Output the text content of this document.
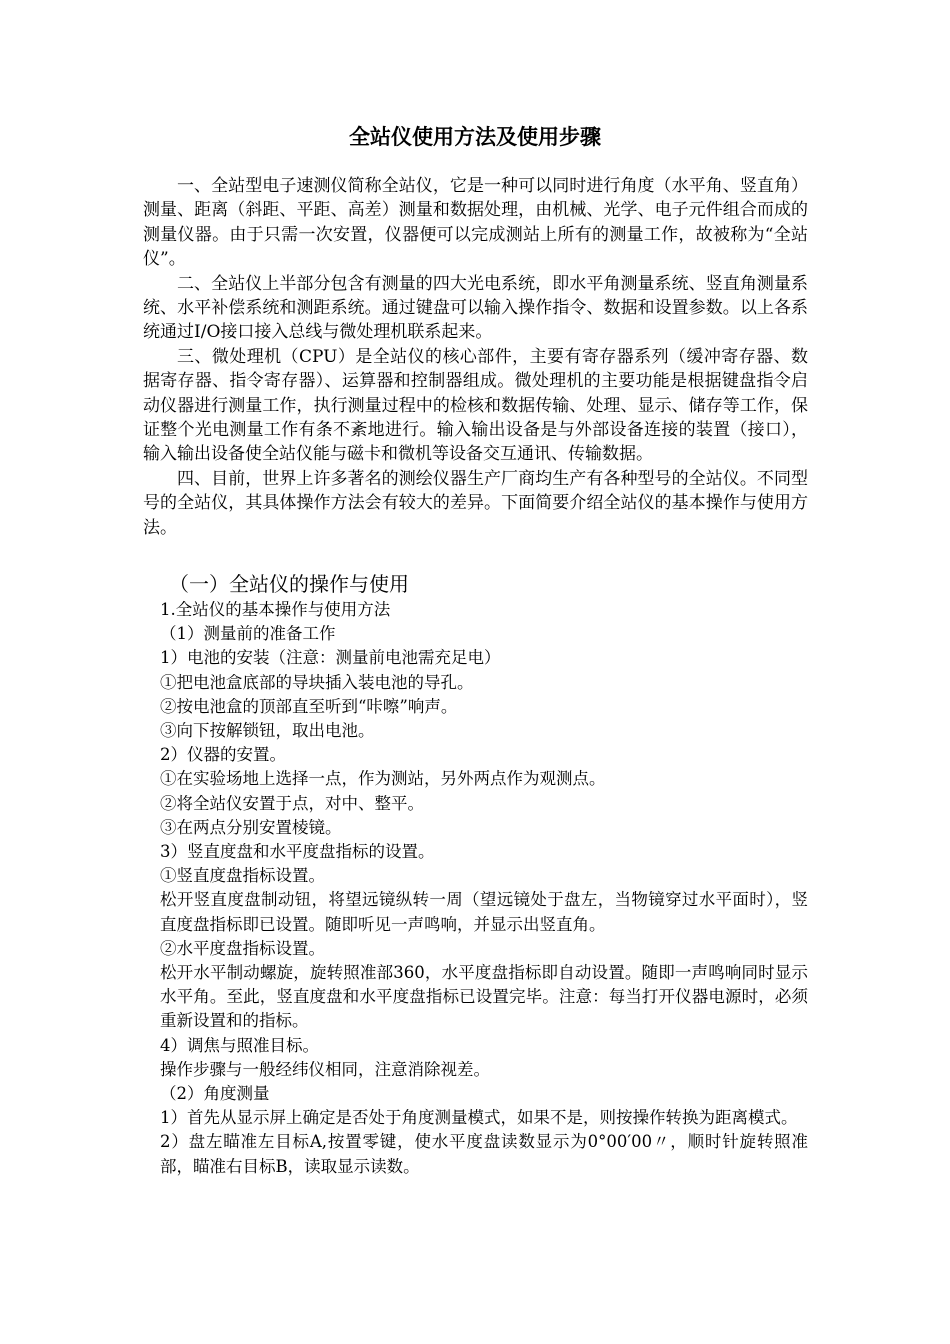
全站仪使用方法及使用步骤

一、全站型电子速测仪简称全站仪，它是一种可以同时进行角度（水平角、竖直角）测量、距离（斜距、平距、高差）测量和数据处理，由机械、光学、电子元件组合而成的测量仪器。由于只需一次安置，仪器便可以完成测站上所有的测量工作，故被称为“全站仪”。

二、全站仪上半部分包含有测量的四大光电系统，即水平角测量系统、竖直角测量系统、水平补偿系统和测距系统。通过键盘可以输入操作指令、数据和设置参数。以上各系统通过I/O接口接入总线与微处理机联系起来。

三、微处理机（CPU）是全站仪的核心部件，主要有寄存器系列（缓冲寄存器、数据寄存器、指令寄存器）、运算器和控制器组成。微处理机的主要功能是根据键盘指令启动仪器进行测量工作，执行测量过程中的检核和数据传输、处理、显示、储存等工作，保证整个光电测量工作有条不紊地进行。输入输出设备是与外部设备连接的装置（接口），输入输出设备使全站仪能与磁卡和微机等设备交互通讯、传输数据。

四、目前，世界上许多著名的测绘仪器生产厂商均生产有各种型号的全站仪。不同型号的全站仪，其具体操作方法会有较大的差异。下面简要介绍全站仪的基本操作与使用方法。

（一）全站仪的操作与使用

1.全站仪的基本操作与使用方法

（1）测量前的准备工作

1）电池的安装（注意：测量前电池需充足电）

①把电池盒底部的导块插入装电池的导孔。

②按电池盒的顶部直至听到“咔嚓”响声。

③向下按解锁钮，取出电池。

2）仪器的安置。

①在实验场地上选择一点，作为测站，另外两点作为观测点。

②将全站仪安置于点，对中、整平。

③在两点分别安置棱镜。

3）竖直度盘和水平度盘指标的设置。

①竖直度盘指标设置。

松开竖直度盘制动钮，将望远镜纵转一周（望远镜处于盘左，当物镜穿过水平面时），竖直度盘指标即已设置。随即听见一声鸣响，并显示出竖直角。

②水平度盘指标设置。

松开水平制动螺旋，旋转照准部360，水平度盘指标即自动设置。随即一声鸣响同时显示水平角。至此，竖直度盘和水平度盘指标已设置完毕。注意：每当打开仪器电源时，必须重新设置和的指标。

4）调焦与照准目标。

操作步骤与一般经纬仪相同，注意消除视差。

（2）角度测量

1）首先从显示屏上确定是否处于角度测量模式，如果不是，则按操作转换为距离模式。

2）盘左瞄准左目标A,按置零键，使水平度盘读数显示为0°00′00〃，顺时针旋转照准部，瞄准右目标B，读取显示读数。
